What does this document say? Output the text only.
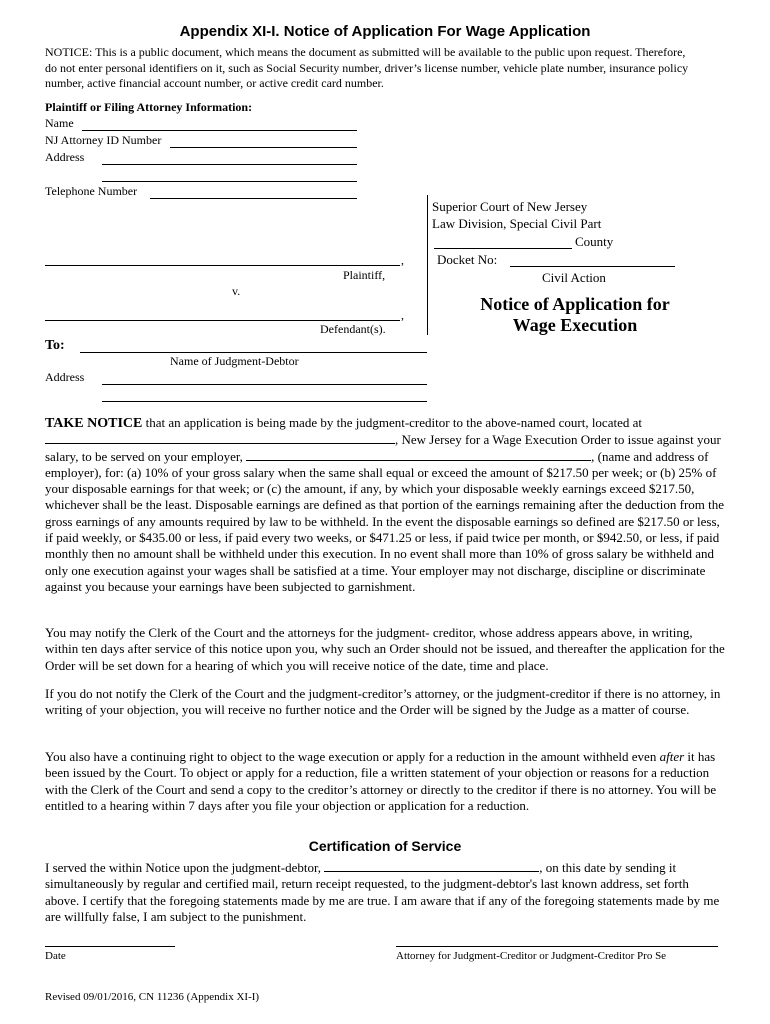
Appendix XI-I. Notice of Application For Wage Application
NOTICE: This is a public document, which means the document as submitted will be available to the public upon request. Therefore, do not enter personal identifiers on it, such as Social Security number, driver’s license number, vehicle plate number, insurance policy number, active financial account number, or active credit card number.
Plaintiff or Filing Attorney Information:
Name
NJ Attorney ID Number
Address
Telephone Number
Superior Court of New Jersey
Law Division, Special Civil Part
County
Docket No:
Civil Action
,
Plaintiff,
v.
,
Defendant(s).
Notice of Application for
Wage Execution
To:
Name of Judgment-Debtor
Address

TAKE NOTICE that an application is being made by the judgment-creditor to the above-named court, located at
, New Jersey for a Wage Execution Order to issue against your salary, to be served on your employer,	, (name and address of employer), for: (a) 10% of your gross salary when the same shall equal or exceed the amount of $217.50 per week; or (b) 25% of your disposable earnings for that week; or (c) the amount, if any, by which your disposable weekly earnings exceed $217.50, whichever shall be the least. Disposable earnings are defined as that portion of the earnings remaining after the deduction from the gross earnings of any amounts required by law to be withheld. In the event the disposable earnings so defined are $217.50 or less, if paid weekly, or $435.00 or less, if paid every two weeks, or $471.25 or less, if paid twice per month, or $942.50, or less, if paid monthly then no amount shall be withheld under this execution. In no event shall more than 10% of gross salary be withheld and only one execution against your wages shall be satisfied at a time. Your employer may not discharge, discipline or discriminate against you because your earnings have been subjected to garnishment.

You may notify the Clerk of the Court and the attorneys for the judgment- creditor, whose address appears above, in writing, within ten days after service of this notice upon you, why such an Order should not be issued, and thereafter the application for the Order will be set down for a hearing of which you will receive notice of the date, time and place.
If you do not notify the Clerk of the Court and the judgment-creditor’s attorney, or the judgment-creditor if there is no attorney, in writing of your objection, you will receive no further notice and the Order will be signed by the Judge as a matter of course.
You also have a continuing right to object to the wage execution or apply for a reduction in the amount withheld even after it has been issued by the Court. To object or apply for a reduction, file a written statement of your objection or reasons for a reduction with the Clerk of the Court and send a copy to the creditor’s attorney or directly to the creditor if there is no attorney. You will be entitled to a hearing within 7 days after you file your objection or application for a reduction.
Certification of Service
I served the within Notice upon the judgment-debtor,	, on this date by sending it simultaneously by regular and certified mail, return receipt requested, to the judgment-debtor's last known address, set forth above. I certify that the foregoing statements made by me are true. I am aware that if any of the foregoing statements made by me are willfully false, I am subject to the punishment.
Date	Attorney for Judgment-Creditor or Judgment-Creditor Pro Se
Revised 09/01/2016, CN 11236 (Appendix XI-I)
